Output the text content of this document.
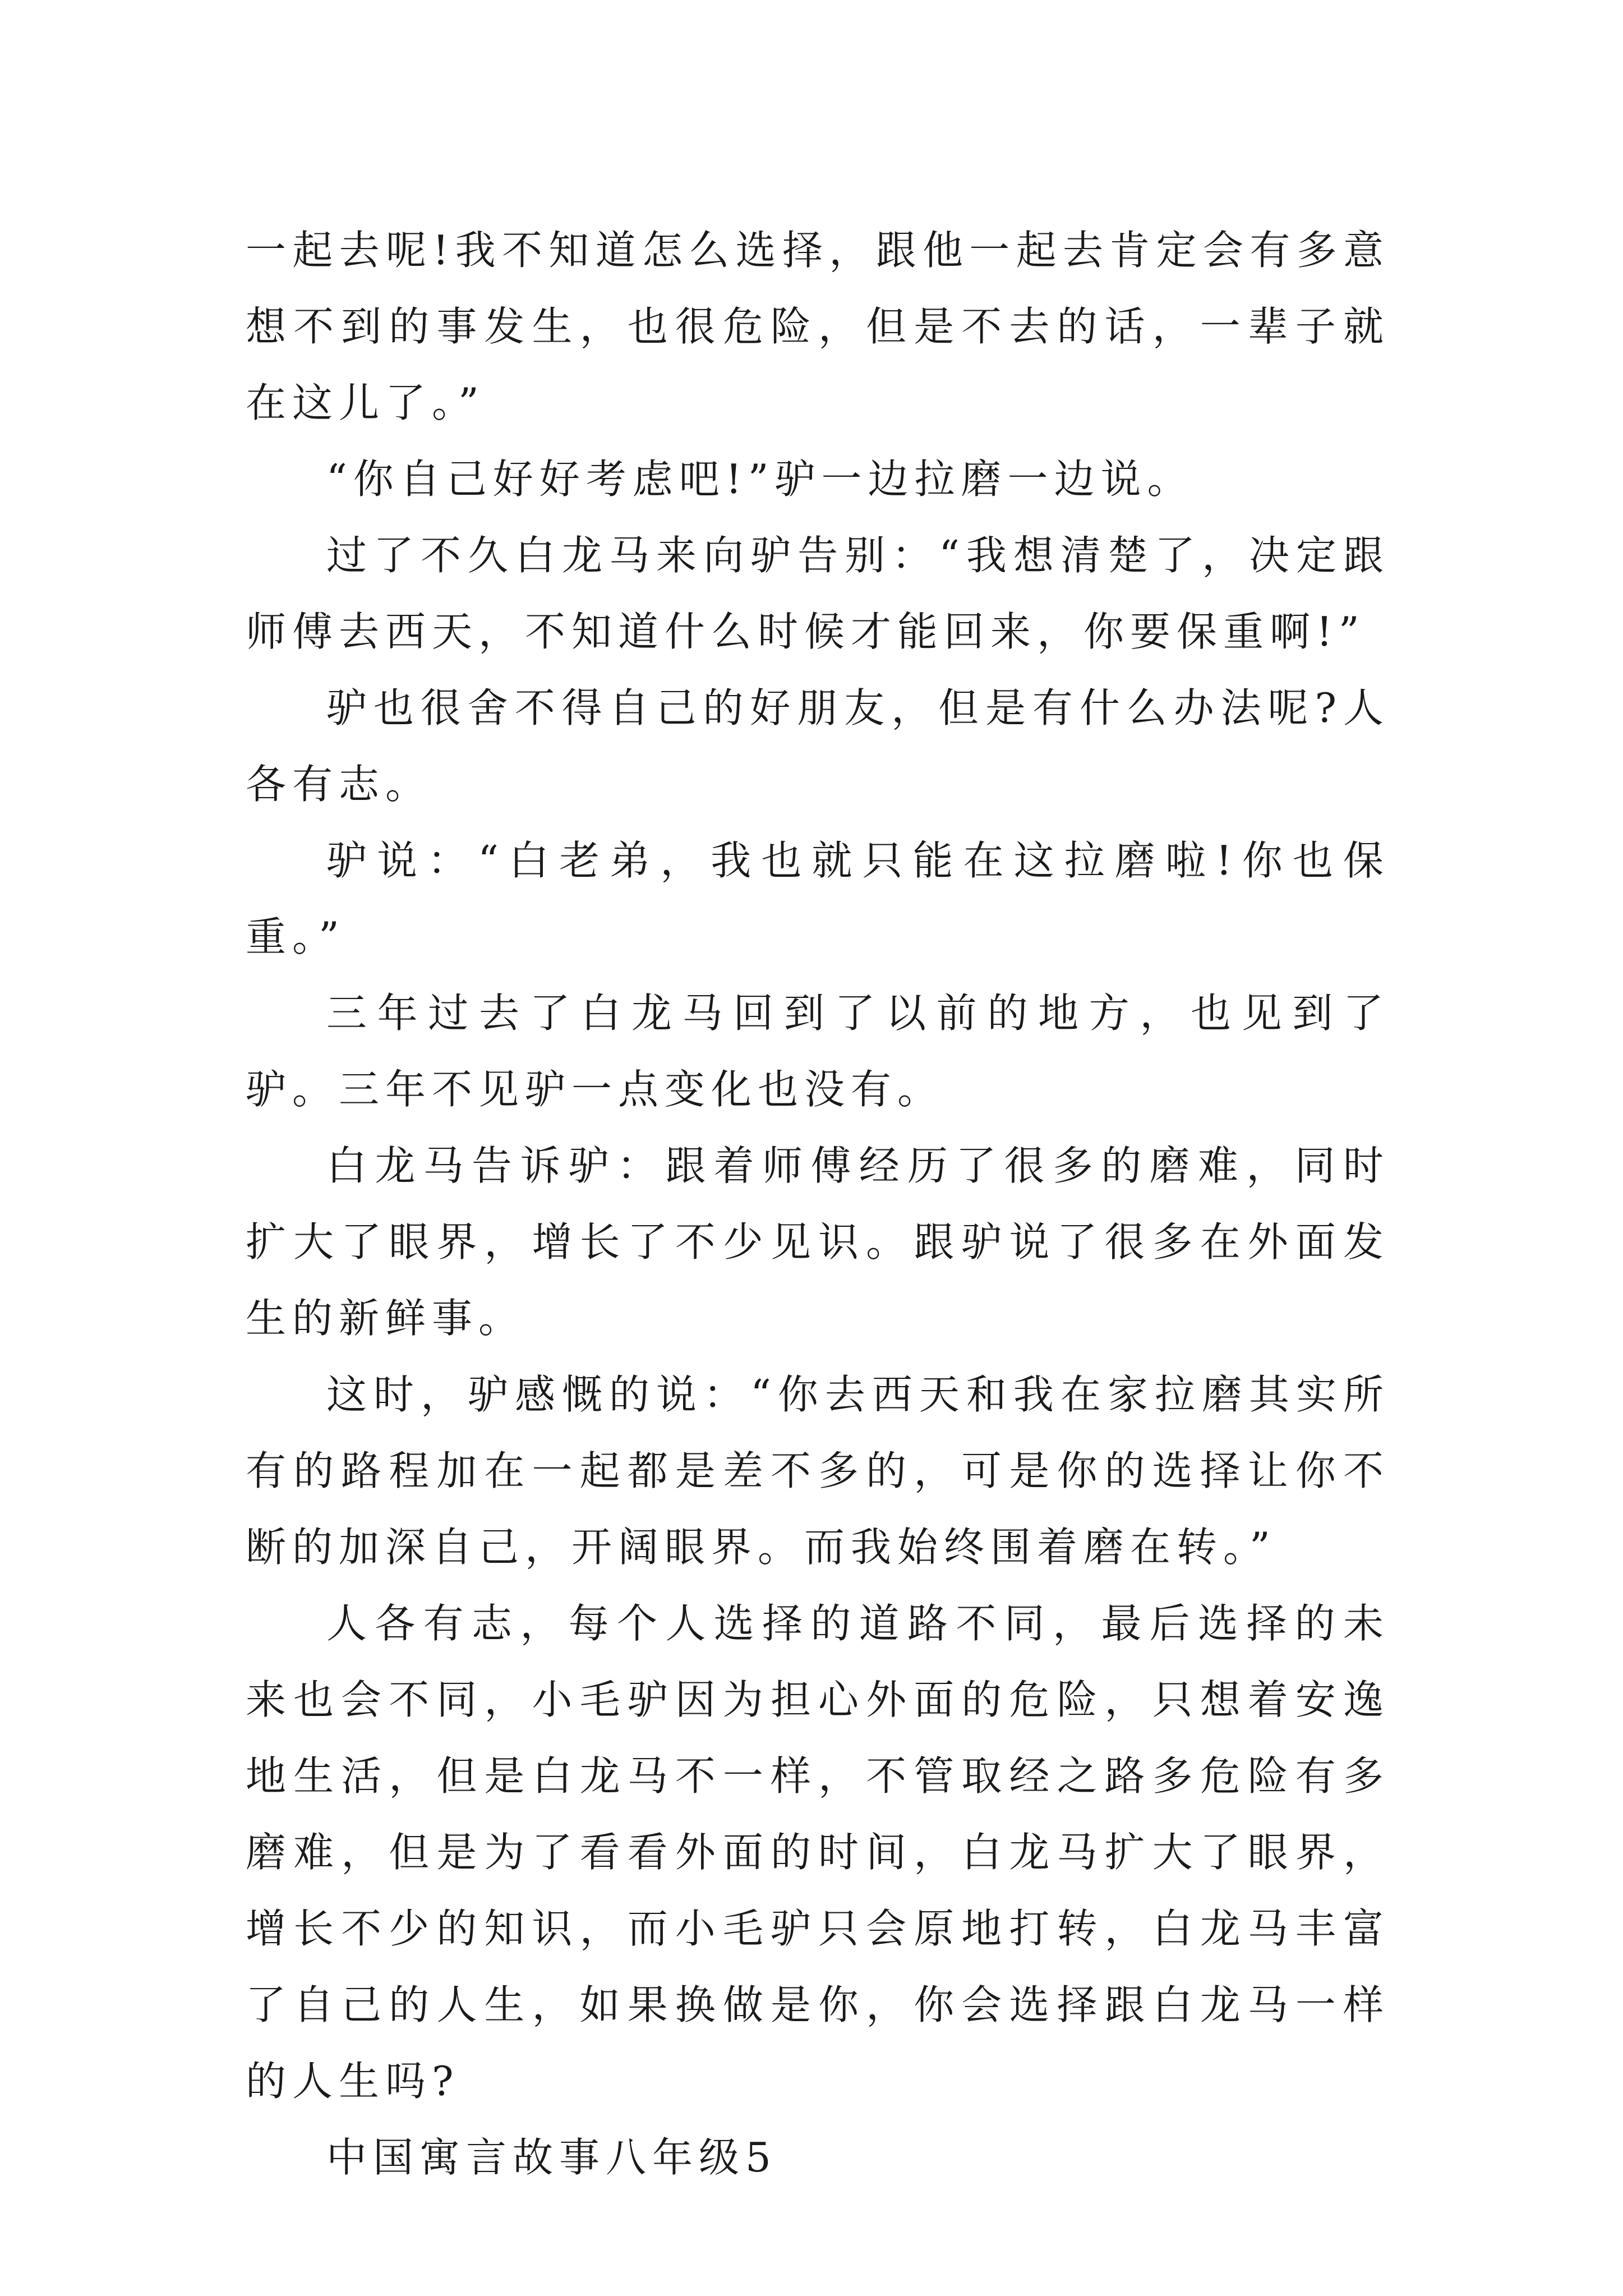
一起去呢!我不知道怎么选择，跟他一起去肯定会有多意想不到的事发生，也很危险，但是不去的话，一辈子就在这儿了。”

“你自己好好考虑吧!”驴一边拉磨一边说。

过了不久白龙马来向驴告别：“我想清楚了，决定跟师傅去西天，不知道什么时候才能回来，你要保重啊!”

驴也很舍不得自己的好朋友，但是有什么办法呢?人各有志。

驴说：“白老弟，我也就只能在这拉磨啦!你也保重。”

三年过去了白龙马回到了以前的地方，也见到了驴。三年不见驴一点变化也没有。

白龙马告诉驴：跟着师傅经历了很多的磨难，同时扩大了眼界，增长了不少见识。跟驴说了很多在外面发生的新鲜事。

这时，驴感慨的说：“你去西天和我在家拉磨其实所有的路程加在一起都是差不多的，可是你的选择让你不断的加深自己，开阔眼界。而我始终围着磨在转。”

人各有志，每个人选择的道路不同，最后选择的未来也会不同，小毛驴因为担心外面的危险，只想着安逸地生活，但是白龙马不一样，不管取经之路多危险有多磨难，但是为了看看外面的时间，白龙马扩大了眼界，增长不少的知识，而小毛驴只会原地打转，白龙马丰富了自己的人生，如果换做是你，你会选择跟白龙马一样的人生吗?

中国寓言故事八年级5
